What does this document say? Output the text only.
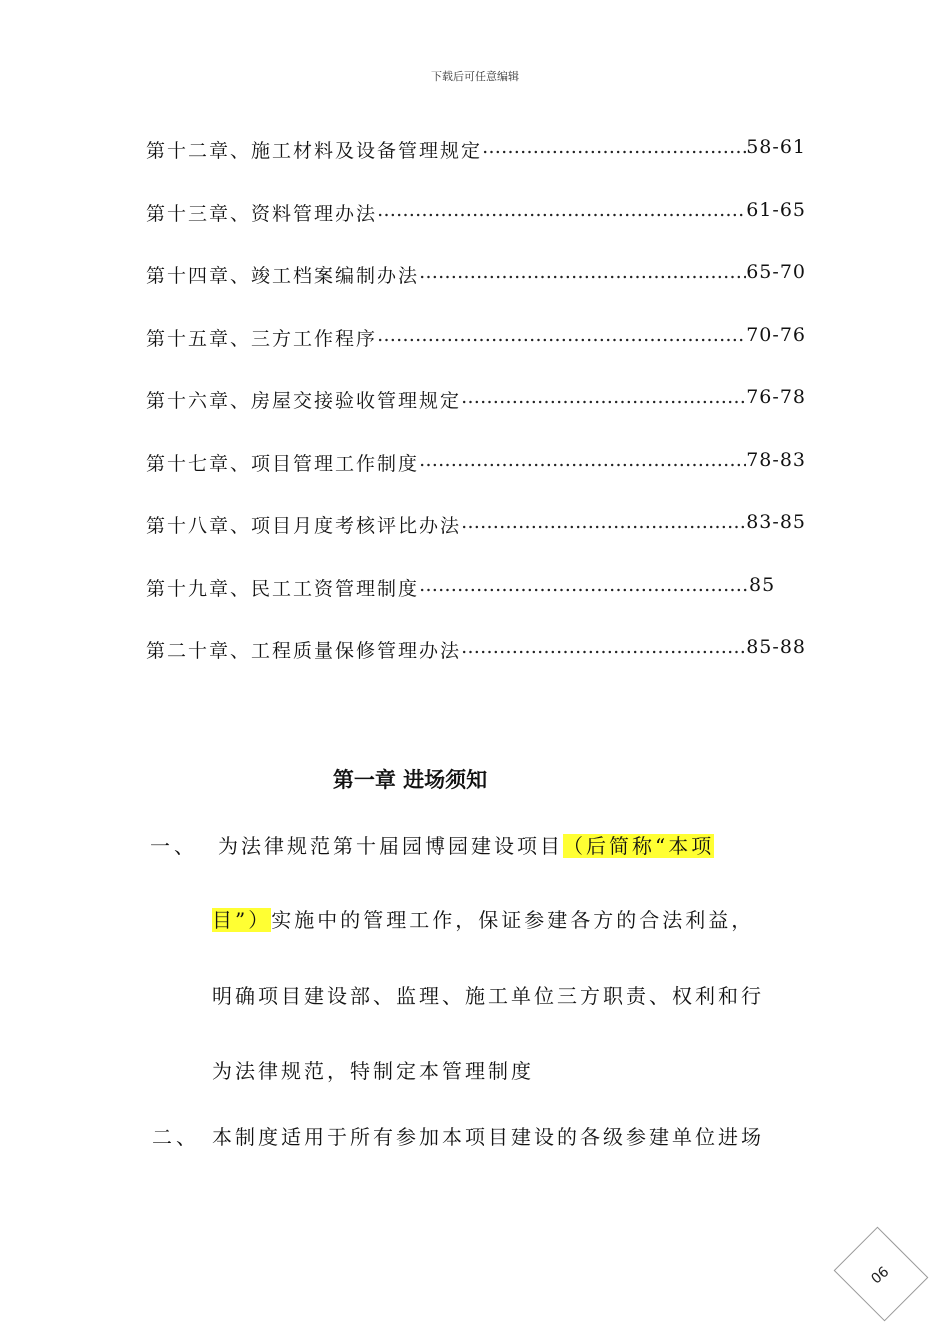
下载后可任意编辑
第十二章、施工材料及设备管理规定 …………………………………………………………………………………………………………	58-61
第十三章、资料管理办法 …………………………………………………………………………………………………………	61-65
第十四章、竣工档案编制办法 …………………………………………………………………………………………………………	65-70
第十五章、三方工作程序 …………………………………………………………………………………………………………	70-76
第十六章、房屋交接验收管理规定 …………………………………………………………………………………………………………	76-78
第十七章、项目管理工作制度 …………………………………………………………………………………………………………	78-83
第十八章、项目月度考核评比办法 …………………………………………………………………………………………………………	83-85
第十九章、民工工资管理制度 …………………………………………………………………………………………………………	85
第二十章、工程质量保修管理办法 …………………………………………………………………………………………………………	85-88
第一章 进场须知
一、 为法律规范第十届园博园建设项目（后简称“本项
目”）实施中的管理工作，保证参建各方的合法利益，
明确项目建设部、监理、施工单位三方职责、权利和行
为法律规范，特制定本管理制度
二、 本制度适用于所有参加本项目建设的各级参建单位进场
90
